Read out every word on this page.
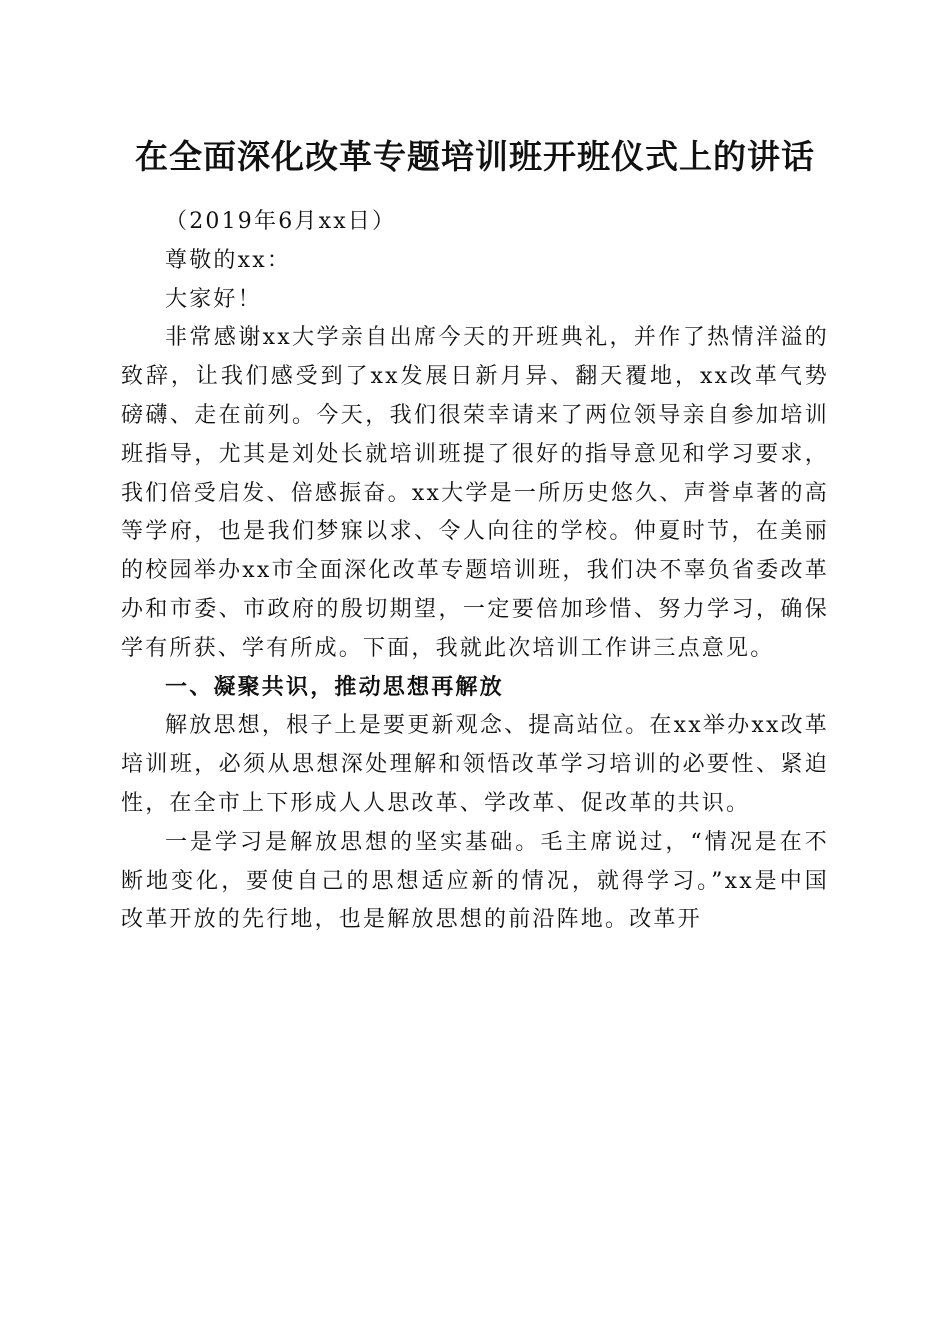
在全面深化改革专题培训班开班仪式上的讲话

（2019年6月xx日）

尊敬的xx：

大家好！

非常感谢xx大学亲自出席今天的开班典礼，并作了热情洋溢的致辞，让我们感受到了xx发展日新月异、翻天覆地，xx改革气势磅礴、走在前列。今天，我们很荣幸请来了两位领导亲自参加培训班指导，尤其是刘处长就培训班提了很好的指导意见和学习要求，我们倍受启发、倍感振奋。xx大学是一所历史悠久、声誉卓著的高等学府，也是我们梦寐以求、令人向往的学校。仲夏时节，在美丽的校园举办xx市全面深化改革专题培训班，我们决不辜负省委改革办和市委、市政府的殷切期望，一定要倍加珍惜、努力学习，确保学有所获、学有所成。下面，我就此次培训工作讲三点意见。

一、凝聚共识，推动思想再解放

解放思想，根子上是要更新观念、提高站位。在xx举办xx改革培训班，必须从思想深处理解和领悟改革学习培训的必要性、紧迫性，在全市上下形成人人思改革、学改革、促改革的共识。

一是学习是解放思想的坚实基础。毛主席说过，“情况是在不断地变化，要使自己的思想适应新的情况，就得学习。”xx是中国改革开放的先行地，也是解放思想的前沿阵地。改革开
